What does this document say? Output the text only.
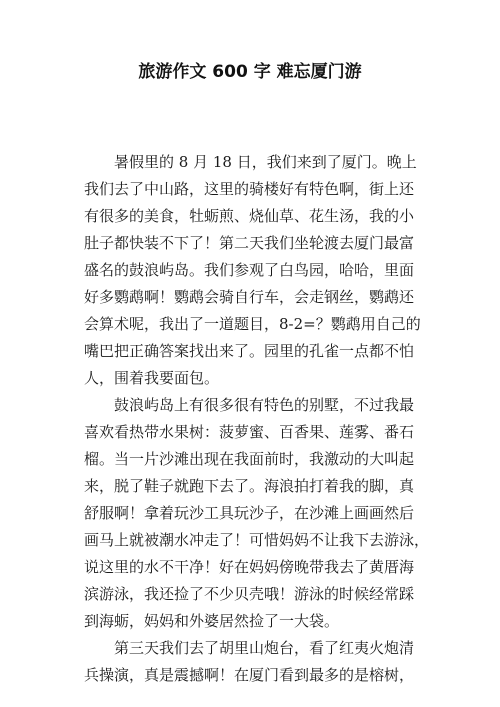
旅游作文 600 字 难忘厦门游
暑假里的 8 月 18 日，我们来到了厦门。晚上
我们去了中山路，这里的骑楼好有特色啊，街上还
有很多的美食，牡蛎煎、烧仙草、花生汤，我的小
肚子都快装不下了！第二天我们坐轮渡去厦门最富
盛名的鼓浪屿岛。我们参观了白鸟园，哈哈，里面
好多鹦鹉啊！鹦鹉会骑自行车，会走钢丝，鹦鹉还
会算术呢，我出了一道题目，8-2=？鹦鹉用自己的
嘴巴把正确答案找出来了。园里的孔雀一点都不怕
人，围着我要面包。
鼓浪屿岛上有很多很有特色的别墅，不过我最
喜欢看热带水果树：菠萝蜜、百香果、莲雾、番石
榴。当一片沙滩出现在我面前时，我激动的大叫起
来，脱了鞋子就跑下去了。海浪拍打着我的脚，真
舒服啊！拿着玩沙工具玩沙子，在沙滩上画画然后
画马上就被潮水冲走了！可惜妈妈不让我下去游泳，
说这里的水不干净！好在妈妈傍晚带我去了黄厝海
滨游泳，我还捡了不少贝壳哦！游泳的时候经常踩
到海蛎，妈妈和外婆居然捡了一大袋。
第三天我们去了胡里山炮台，看了红夷火炮清
兵操演，真是震撼啊！在厦门看到最多的是榕树，
